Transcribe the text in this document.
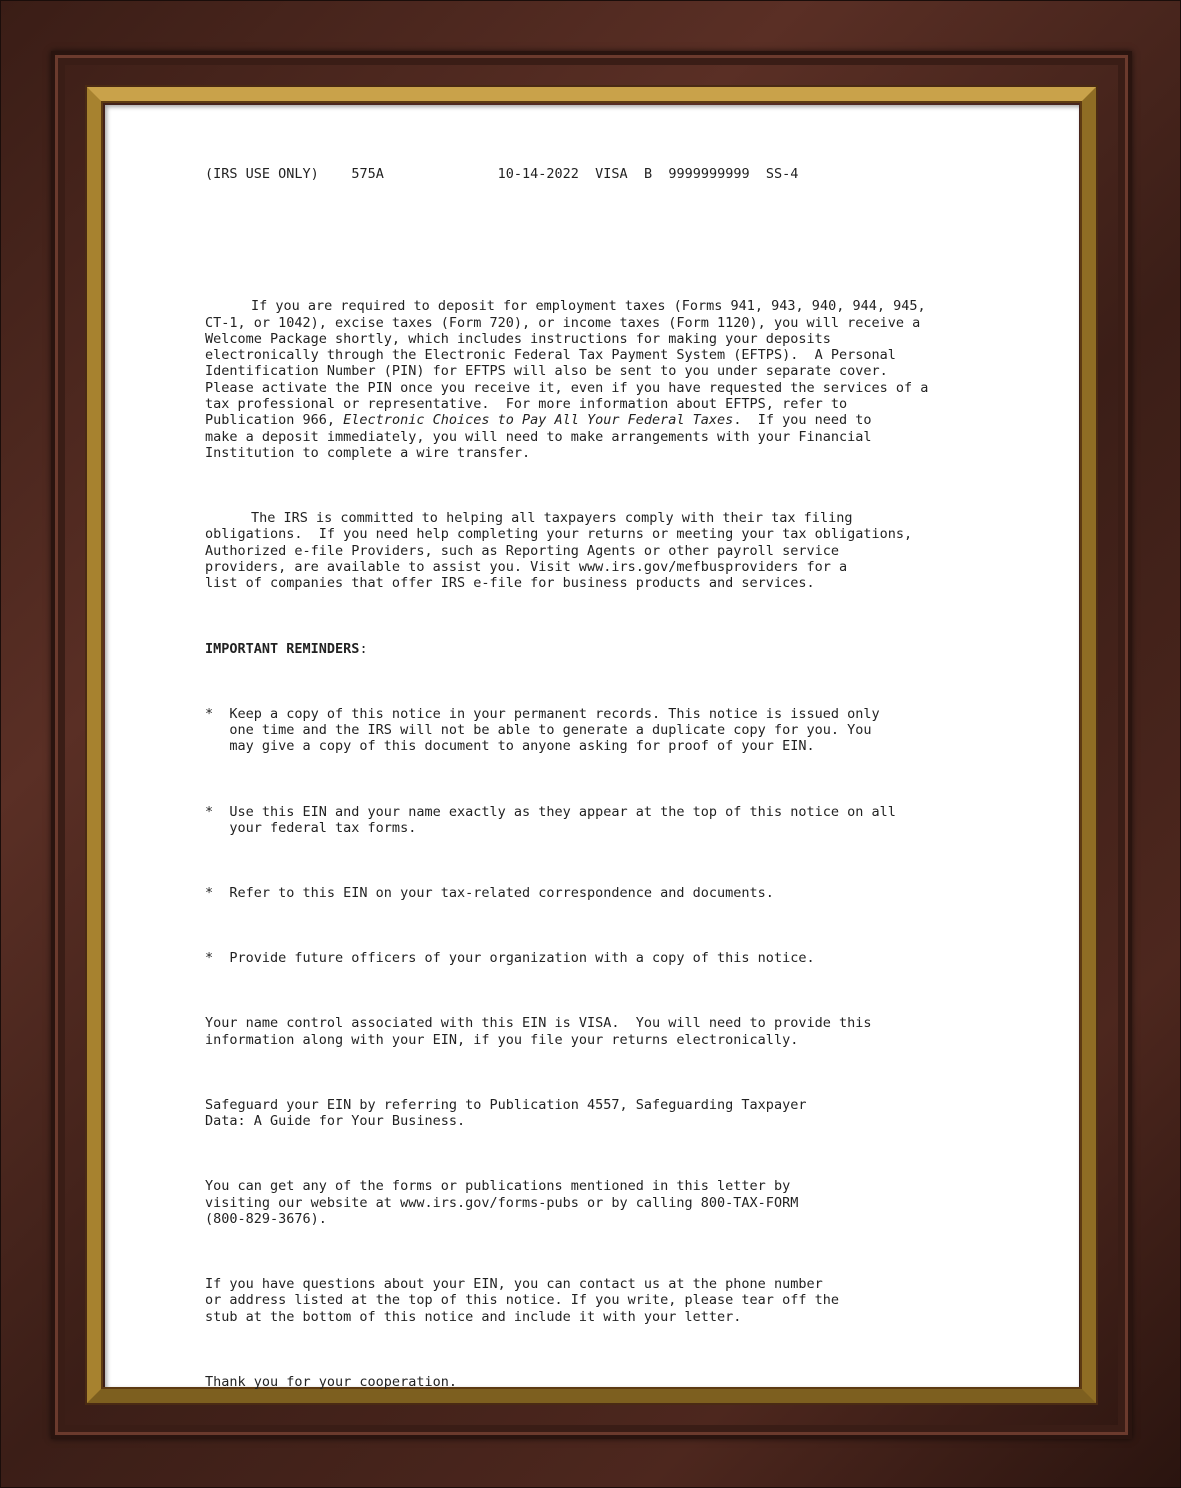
(IRS USE ONLY) 575A	10-14-2022 VISA B 9999999999 SS-4

If you are required to deposit for employment taxes (Forms 941, 943, 940, 944, 945,
CT-1, or 1042), excise taxes (Form 720), or income taxes (Form 1120), you will receive a
Welcome Package shortly, which includes instructions for making your deposits
electronically through the Electronic Federal Tax Payment System (EFTPS).  A Personal
Identification Number (PIN) for EFTPS will also be sent to you under separate cover.
Please activate the PIN once you receive it, even if you have requested the services of a
tax professional or representative.  For more information about EFTPS, refer to
Publication 966, Electronic Choices to Pay All Your Federal Taxes.  If you need to
make a deposit immediately, you will need to make arrangements with your Financial
Institution to complete a wire transfer.

The IRS is committed to helping all taxpayers comply with their tax filing
obligations.  If you need help completing your returns or meeting your tax obligations,
Authorized e-file Providers, such as Reporting Agents or other payroll service
providers, are available to assist you. Visit www.irs.gov/mefbusproviders for a
list of companies that offer IRS e-file for business products and services.

IMPORTANT REMINDERS:

*  Keep a copy of this notice in your permanent records. This notice is issued only
one time and the IRS will not be able to generate a duplicate copy for you. You
may give a copy of this document to anyone asking for proof of your EIN.

*  Use this EIN and your name exactly as they appear at the top of this notice on all
your federal tax forms.

*  Refer to this EIN on your tax-related correspondence and documents.

*  Provide future officers of your organization with a copy of this notice.

Your name control associated with this EIN is VISA.  You will need to provide this
information along with your EIN, if you file your returns electronically.

Safeguard your EIN by referring to Publication 4557, Safeguarding Taxpayer
Data: A Guide for Your Business.

You can get any of the forms or publications mentioned in this letter by
visiting our website at www.irs.gov/forms-pubs or by calling 800-TAX-FORM
(800-829-3676).

If you have questions about your EIN, you can contact us at the phone number
or address listed at the top of this notice. If you write, please tear off the
stub at the bottom of this notice and include it with your letter.

Thank you for your cooperation.
